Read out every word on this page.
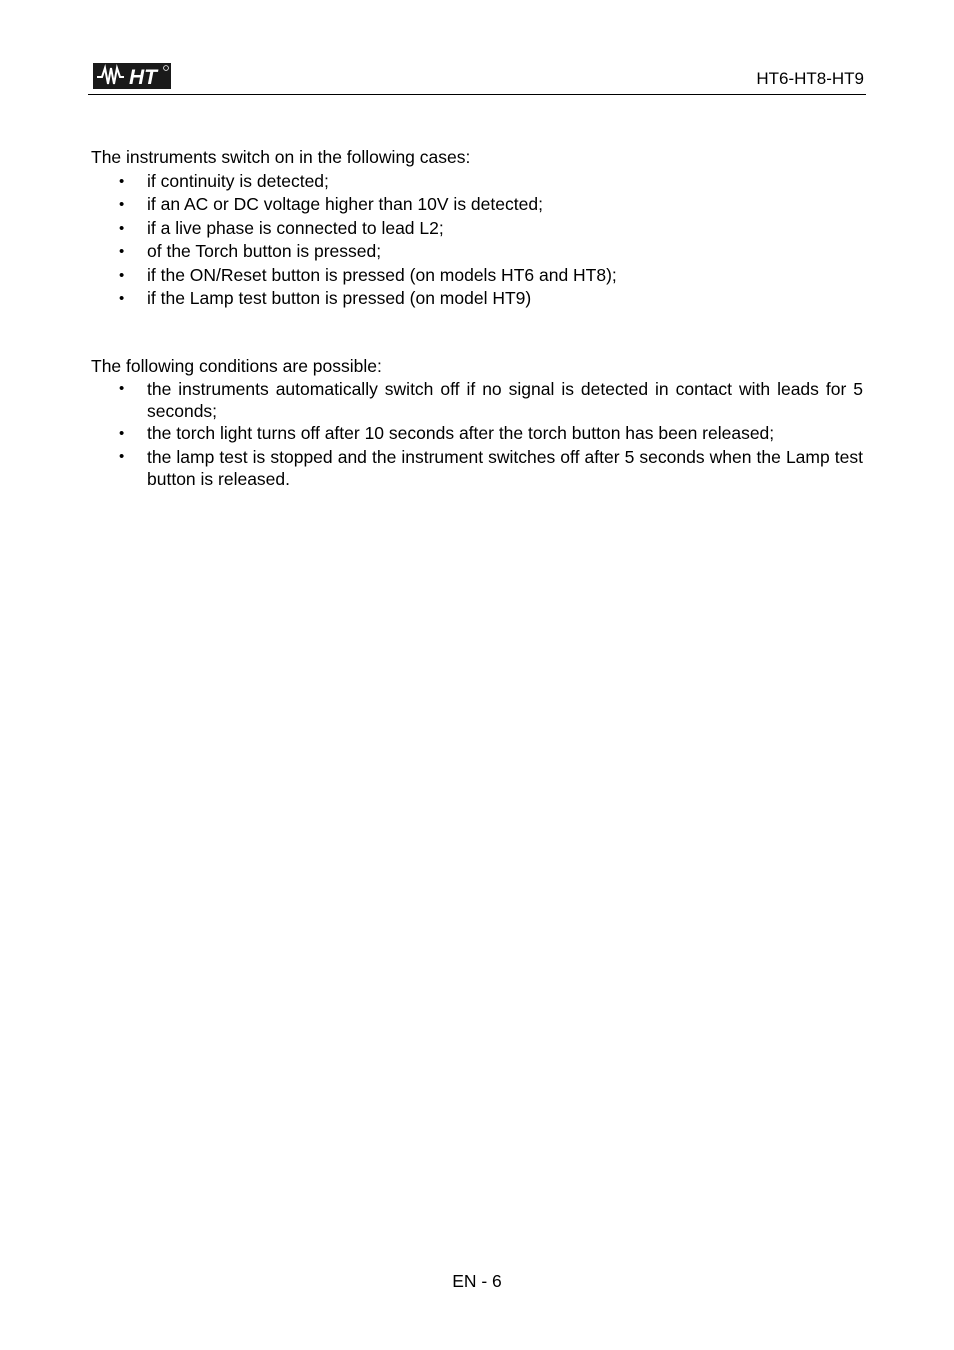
HT	HT6-HT8-HT9

The instruments switch on in the following cases:

• if continuity is detected;
• if an AC or DC voltage higher than 10V is detected;
• if a live phase is connected to lead L2;
• of the Torch button is pressed;
• if the ON/Reset button is pressed (on models HT6 and HT8);
• if the Lamp test button is pressed (on model HT9)

The following conditions are possible:

• the instruments automatically switch off if no signal is detected in contact with leads for 5 seconds;
• the torch light turns off after 10 seconds after the torch button has been released;
• the lamp test is stopped and the instrument switches off after 5 seconds when the Lamp test button is released.
EN - 6
